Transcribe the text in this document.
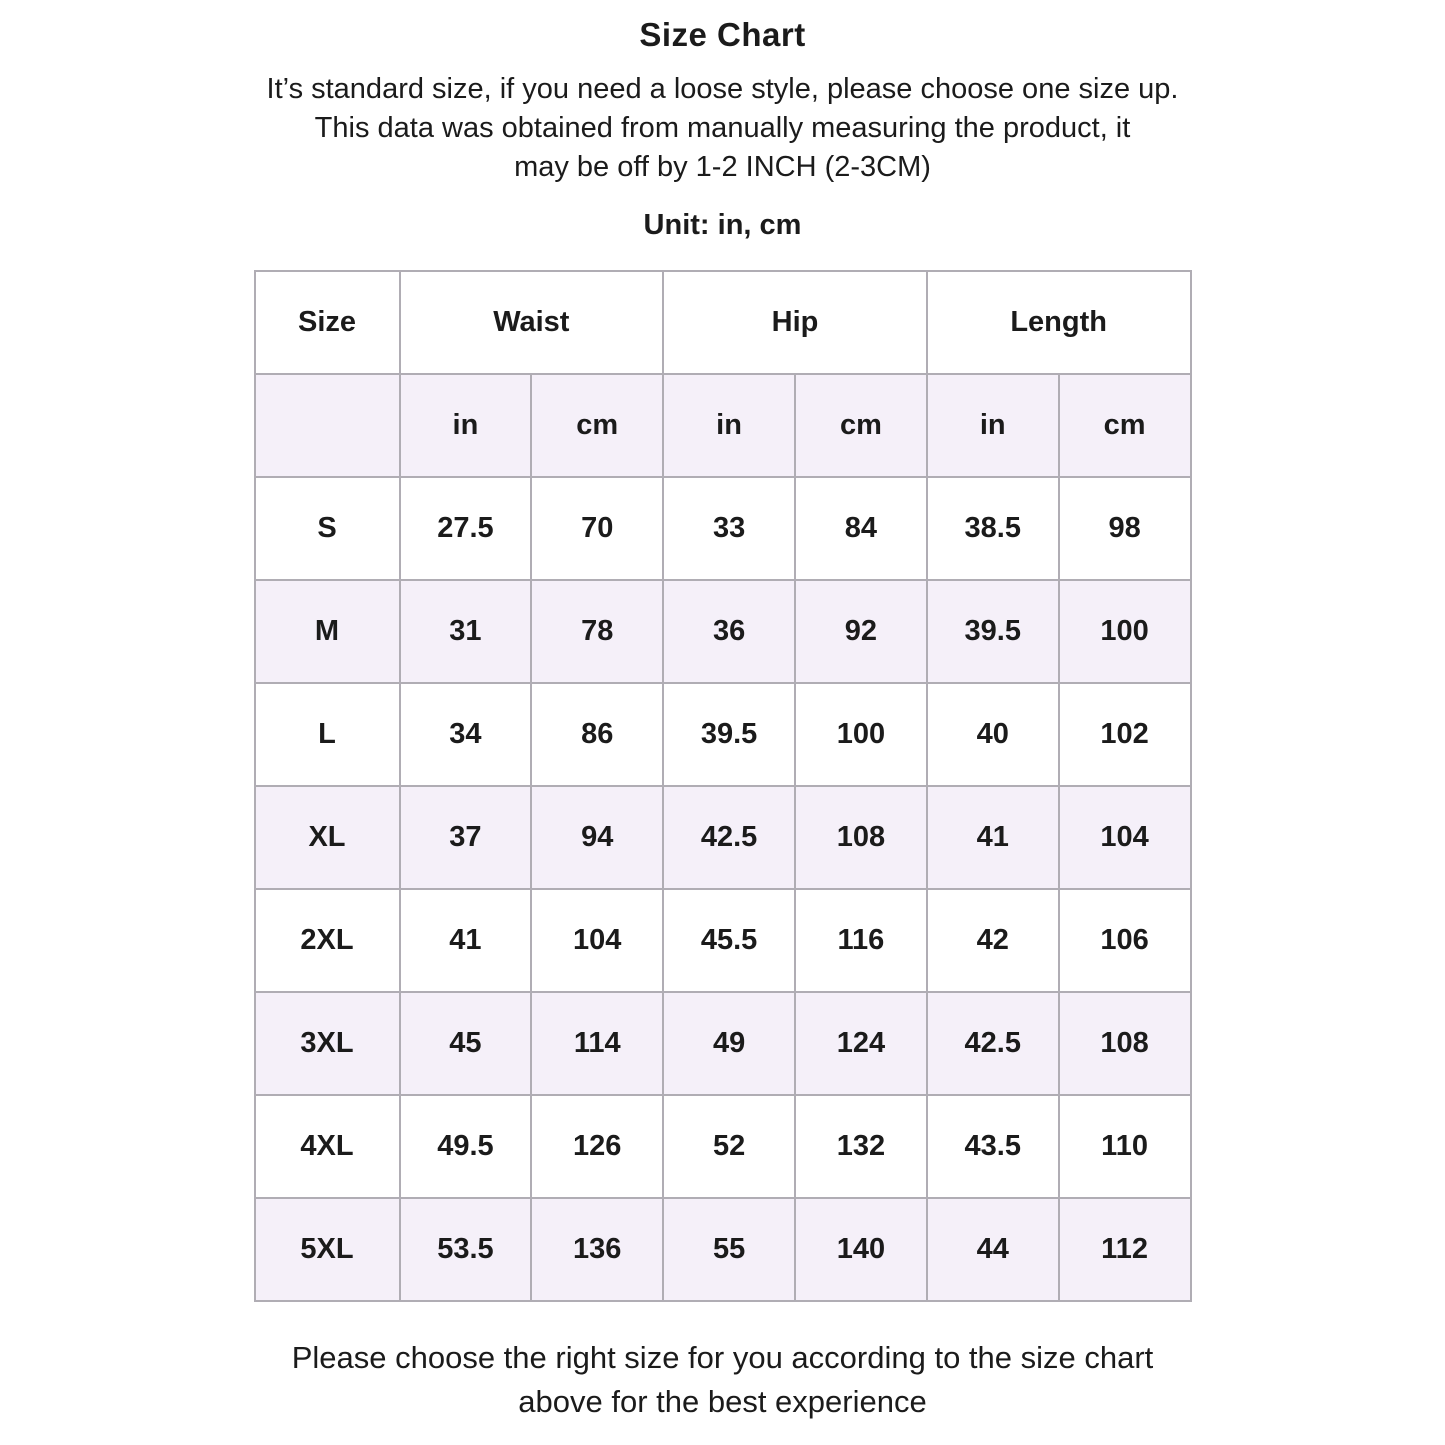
Size Chart
It’s standard size, if you need a loose style, please choose one size up.
This data was obtained from manually measuring the product, it
may be off by 1-2 INCH (2-3CM)
Unit: in, cm
Size	Waist		Hip		Length	
	in	cm	in	cm	in	cm
S	27.5	70	33	84	38.5	98
M	31	78	36	92	39.5	100
L	34	86	39.5	100	40	102
XL	37	94	42.5	108	41	104
2XL	41	104	45.5	116	42	106
3XL	45	114	49	124	42.5	108
4XL	49.5	126	52	132	43.5	110
5XL	53.5	136	55	140	44	112
Please choose the right size for you according to the size chart
above for the best experience
